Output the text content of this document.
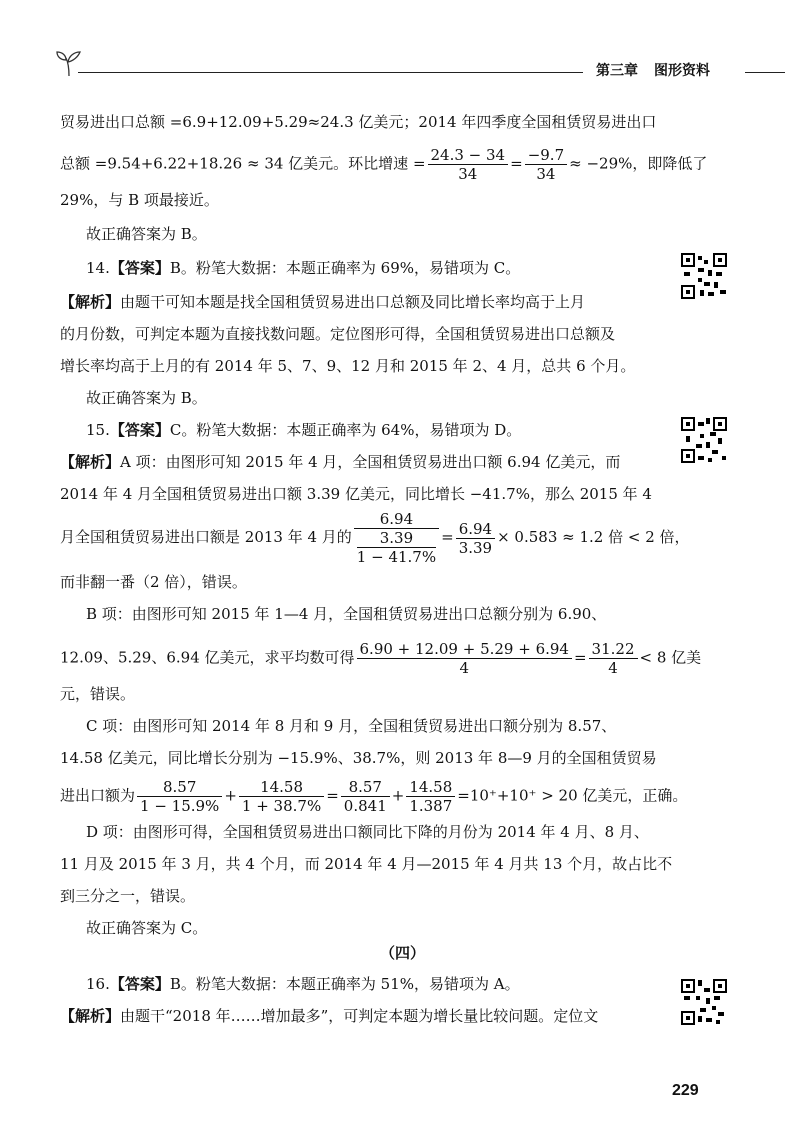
第三章 图形资料
贸易进出口总额 =6.9+12.09+5.29≈24.3 亿美元；2014 年四季度全国租赁贸易进出口
总额 =9.54+6.22+18.26 ≈ 34 亿美元。环比增速 = $\frac{24.3 - 34}{34} = \frac{-9.7}{34} \approx -29\%$，即降低了
29%，与 B 项最接近。
故正确答案为 B。
14.【答案】B。粉笔大数据：本题正确率为 69%，易错项为 C。
【解析】由题干可知本题是找全国租赁贸易进出口总额及同比增长率均高于上月
的月份数，可判定本题为直接找数问题。定位图形可得，全国租赁贸易进出口总额及
增长率均高于上月的有 2014 年 5、7、9、12 月和 2015 年 2、4 月，总共 6 个月。
故正确答案为 B。
15.【答案】C。粉笔大数据：本题正确率为 64%，易错项为 D。
【解析】A 项：由图形可知 2015 年 4 月，全国租赁贸易进出口额 6.94 亿美元，而
2014 年 4 月全国租赁贸易进出口额 3.39 亿美元，同比增长 −41.7%，那么 2015 年 4
月全国租赁贸易进出口额是 2013 年 4 月的 6.94
3.39
$1 - 41.7\% = \frac{6.94}{3.39} \times 0.583 \approx 1.2$ 倍 < 2 倍，
而非翻一番（2 倍），错误。
B 项：由图形可知 2015 年 1—4 月，全国租赁贸易进出口总额分别为 6.90、
12.09、5.29、6.94 亿美元，求平均数可得 $\frac{6.90 + 12.09 + 5.29 + 6.94}{4} = \frac{31.22}{4} < 8$ 亿美
元，错误。
C 项：由图形可知 2014 年 8 月和 9 月，全国租赁贸易进出口额分别为 8.57、
14.58 亿美元，同比增长分别为 −15.9%、38.7%，则 2013 年 8—9 月的全国租赁贸易
进出口额为 $\frac{8.57}{1 - 15.9\%} + \frac{14.58}{1 + 38.7\%} = \frac{8.57}{0.841} + \frac{14.58}{1.387} =10^++10^+ > 20$ 亿美元，正确。
D 项：由图形可得，全国租赁贸易进出口额同比下降的月份为 2014 年 4 月、8 月、
11 月及 2015 年 3 月，共 4 个月，而 2014 年 4 月—2015 年 4 月共 13 个月，故占比不
到三分之一，错误。
故正确答案为 C。
（四）
16.【答案】B。粉笔大数据：本题正确率为 51%，易错项为 A。
【解析】由题干“2018 年……增加最多”，可判定本题为增长量比较问题。定位文
229
